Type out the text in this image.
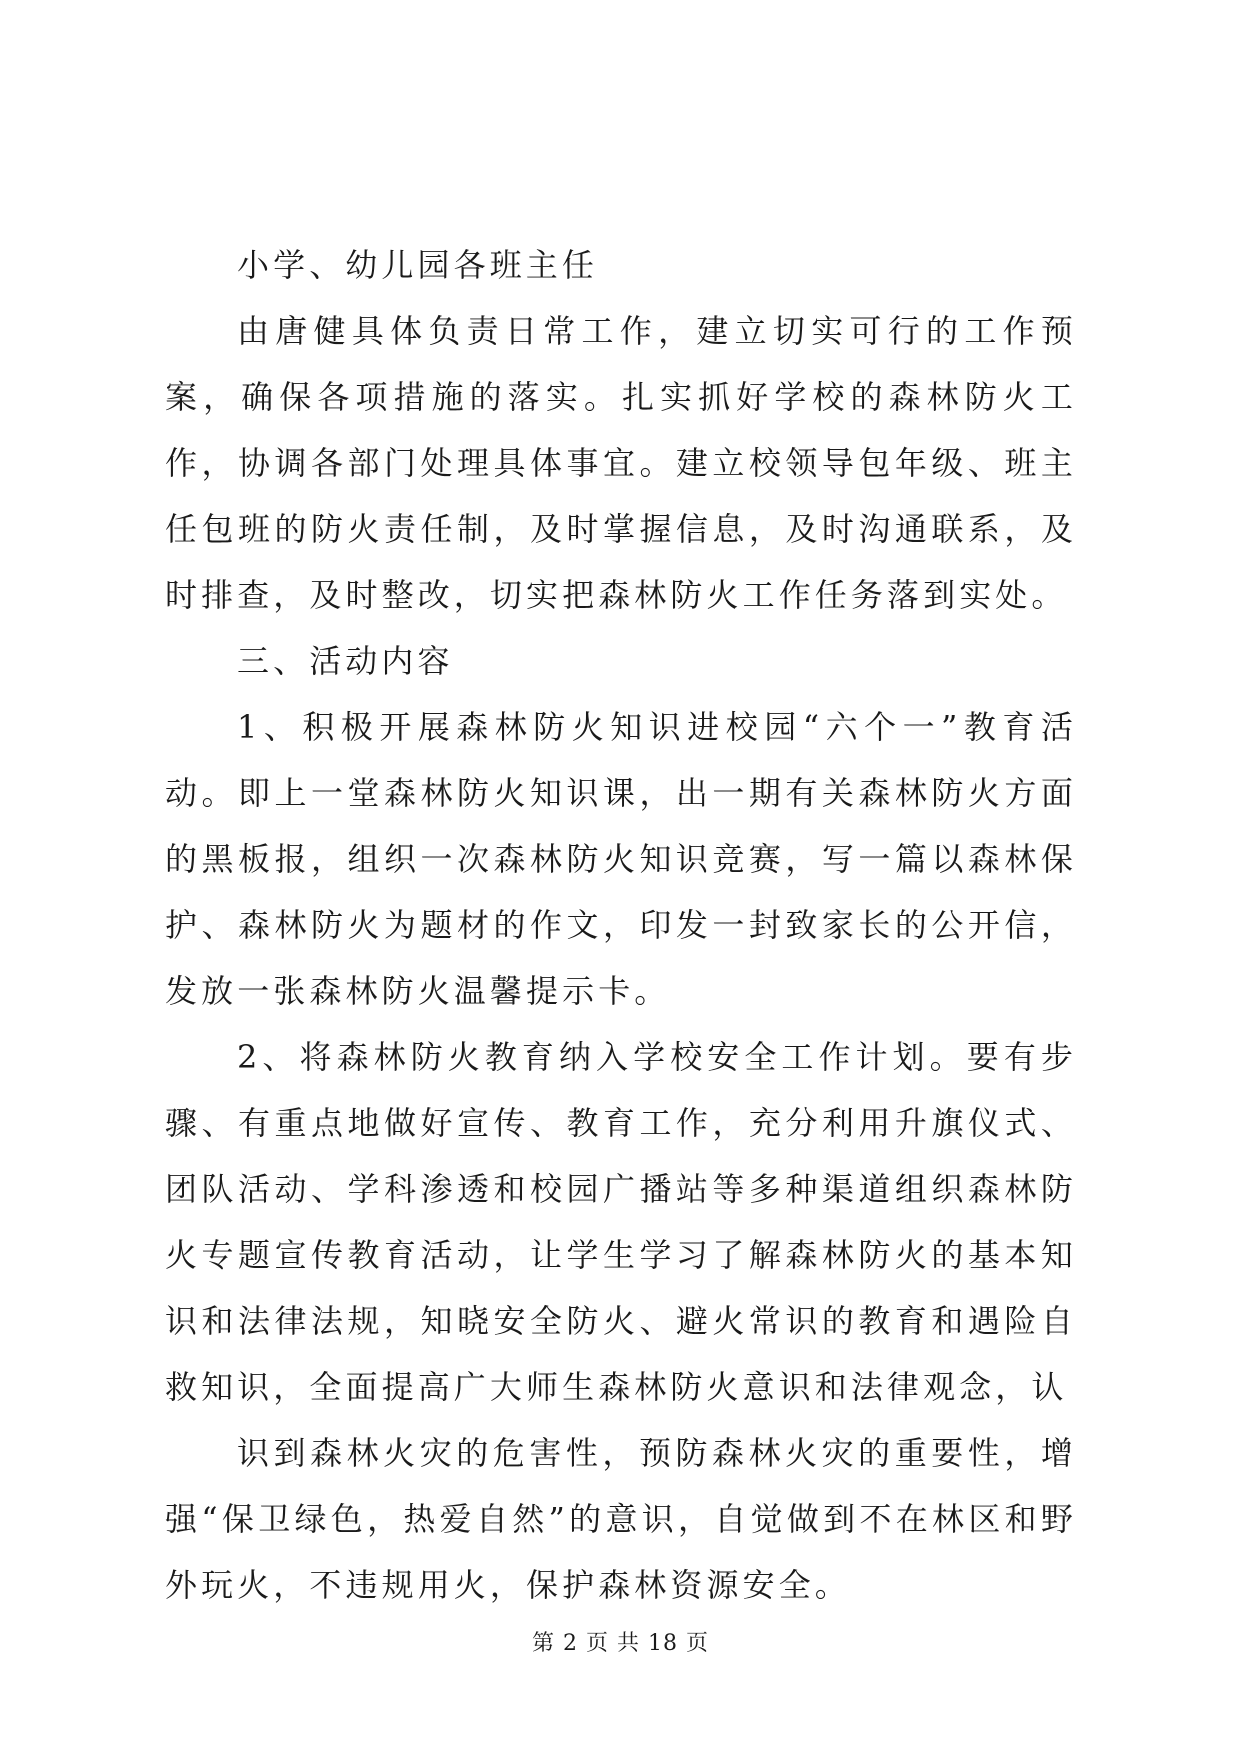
小学、幼儿园各班主任

由唐健具体负责日常工作，建立切实可行的工作预案，确保各项措施的落实。扎实抓好学校的森林防火工作，协调各部门处理具体事宜。建立校领导包年级、班主任包班的防火责任制，及时掌握信息，及时沟通联系，及时排查，及时整改，切实把森林防火工作任务落到实处。

三、活动内容

1、积极开展森林防火知识进校园“六个一”教育活动。即上一堂森林防火知识课，出一期有关森林防火方面的黑板报，组织一次森林防火知识竞赛，写一篇以森林保护、森林防火为题材的作文，印发一封致家长的公开信，发放一张森林防火温馨提示卡。

2、将森林防火教育纳入学校安全工作计划。要有步骤、有重点地做好宣传、教育工作，充分利用升旗仪式、团队活动、学科渗透和校园广播站等多种渠道组织森林防火专题宣传教育活动，让学生学习了解森林防火的基本知识和法律法规，知晓安全防火、避火常识的教育和遇险自救知识，全面提高广大师生森林防火意识和法律观念，认

识到森林火灾的危害性，预防森林火灾的重要性，增强“保卫绿色，热爱自然”的意识，自觉做到不在林区和野外玩火，不违规用火，保护森林资源安全。

第 2 页 共 18 页
